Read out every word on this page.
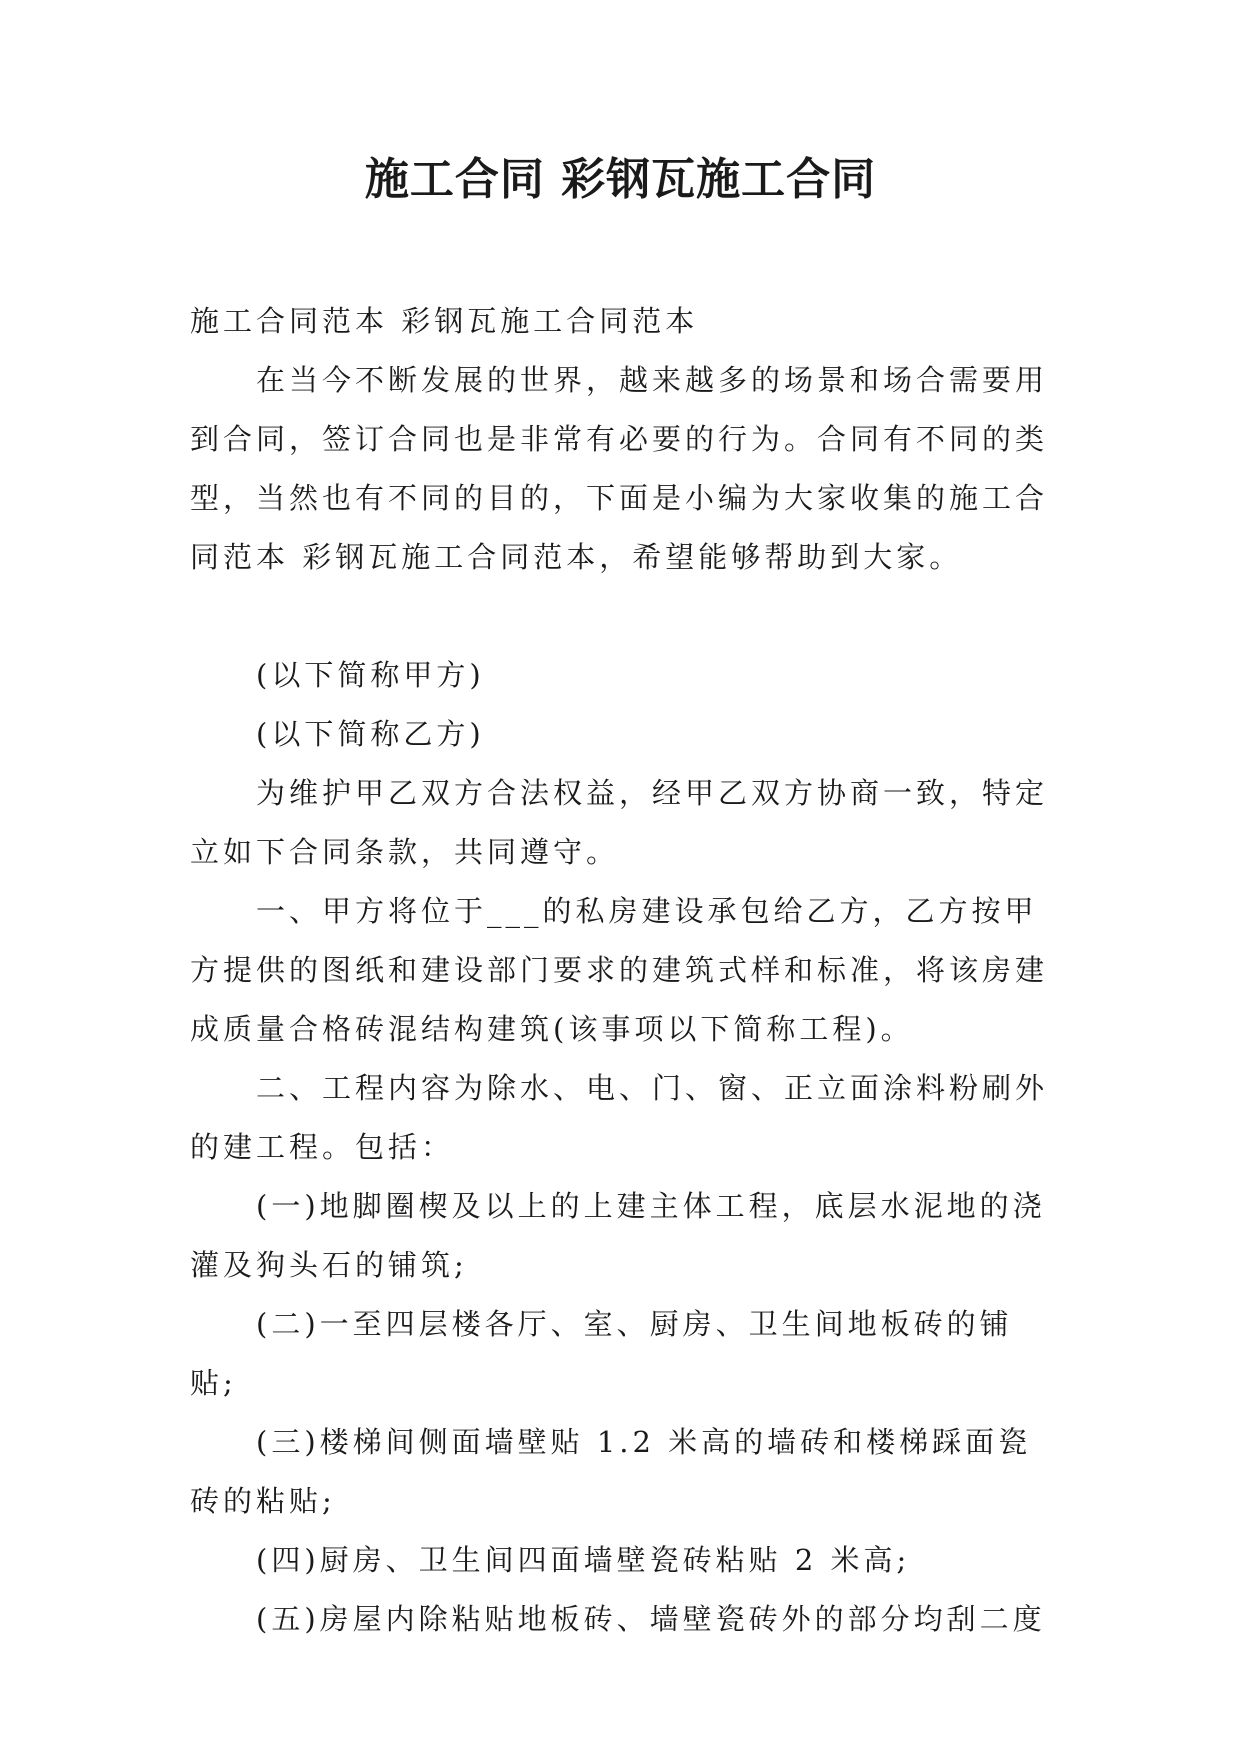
施工合同 彩钢瓦施工合同

施工合同范本 彩钢瓦施工合同范本

在当今不断发展的世界，越来越多的场景和场合需要用到合同，签订合同也是非常有必要的行为。合同有不同的类型，当然也有不同的目的，下面是小编为大家收集的施工合同范本 彩钢瓦施工合同范本，希望能够帮助到大家。

(以下简称甲方)

(以下简称乙方)

为维护甲乙双方合法权益，经甲乙双方协商一致，特定立如下合同条款，共同遵守。

一、甲方将位于___的私房建设承包给乙方，乙方按甲方提供的图纸和建设部门要求的建筑式样和标准，将该房建成质量合格砖混结构建筑(该事项以下简称工程)。

二、工程内容为除水、电、门、窗、正立面涂料粉刷外的建工程。包括：

(一)地脚圈楔及以上的上建主体工程，底层水泥地的浇灌及狗头石的铺筑;

(二)一至四层楼各厅、室、厨房、卫生间地板砖的铺贴;

(三)楼梯间侧面墙壁贴 1.2 米高的墙砖和楼梯踩面瓷砖的粘贴;

(四)厨房、卫生间四面墙壁瓷砖粘贴 2 米高;

(五)房屋内除粘贴地板砖、墙壁瓷砖外的部分均刮二度
